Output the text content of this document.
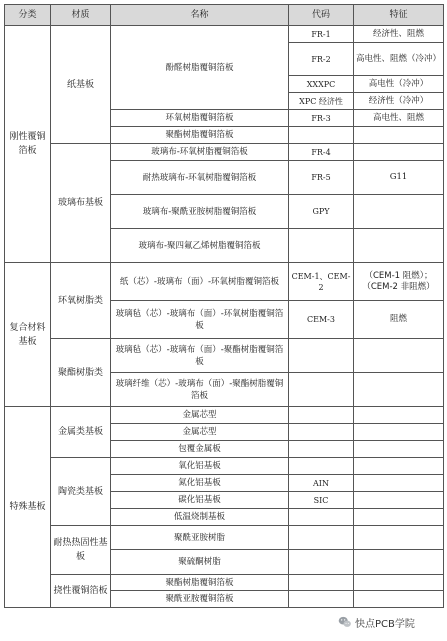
分类	材质	名称	代码	特征
刚性覆铜箔板	纸基板	酚醛树脂覆铜箔板	FR-1	经济性、阻燃
			FR-2	高电性、阻燃（冷冲）
			XXXPC	高电性（冷冲）
			XPC 经济性	经济性（冷冲）
		环氧树脂覆铜箔板	FR-3	高电性、阻燃
		聚酯树脂覆铜箔板		
	玻璃布基板	玻璃布-环氧树脂覆铜箔板	FR-4	
		耐热玻璃布-环氧树脂覆铜箔板	FR-5	G11
		玻璃布-聚酰亚胺树脂覆铜箔板	GPY	
		玻璃布-聚四氟乙烯树脂覆铜箔板		

复合材料基板	环氧树脂类	纸（芯）-玻璃布（面）-环氧树脂覆铜箔板	CEM-1、CEM-2	（CEM-1 阻燃）；（CEM-2 非阻燃）
		玻璃毡（芯）-玻璃布（面）-环氧树脂覆铜箔板	CEM-3	阻燃
	聚酯树脂类	玻璃毡（芯）-玻璃布（面）-聚酯树脂覆铜箔板		
		玻璃纤维（芯）-玻璃布（面）-聚酯树脂覆铜箔板		
特殊基板	金属类基板	金属芯型		
		金属芯型		
		包覆金属板		
	陶瓷类基板	氧化铝基板		
		氮化铝基板	AIN	
		碳化铝基板	SIC	
		低温烧制基板		
	耐热热固性基板	聚酰亚胺树脂		
		聚硫酮树脂		

	挠性覆铜箔板	聚酯树脂覆铜箔板		
		聚酰亚胺覆铜箔板		

快点PCB学院
